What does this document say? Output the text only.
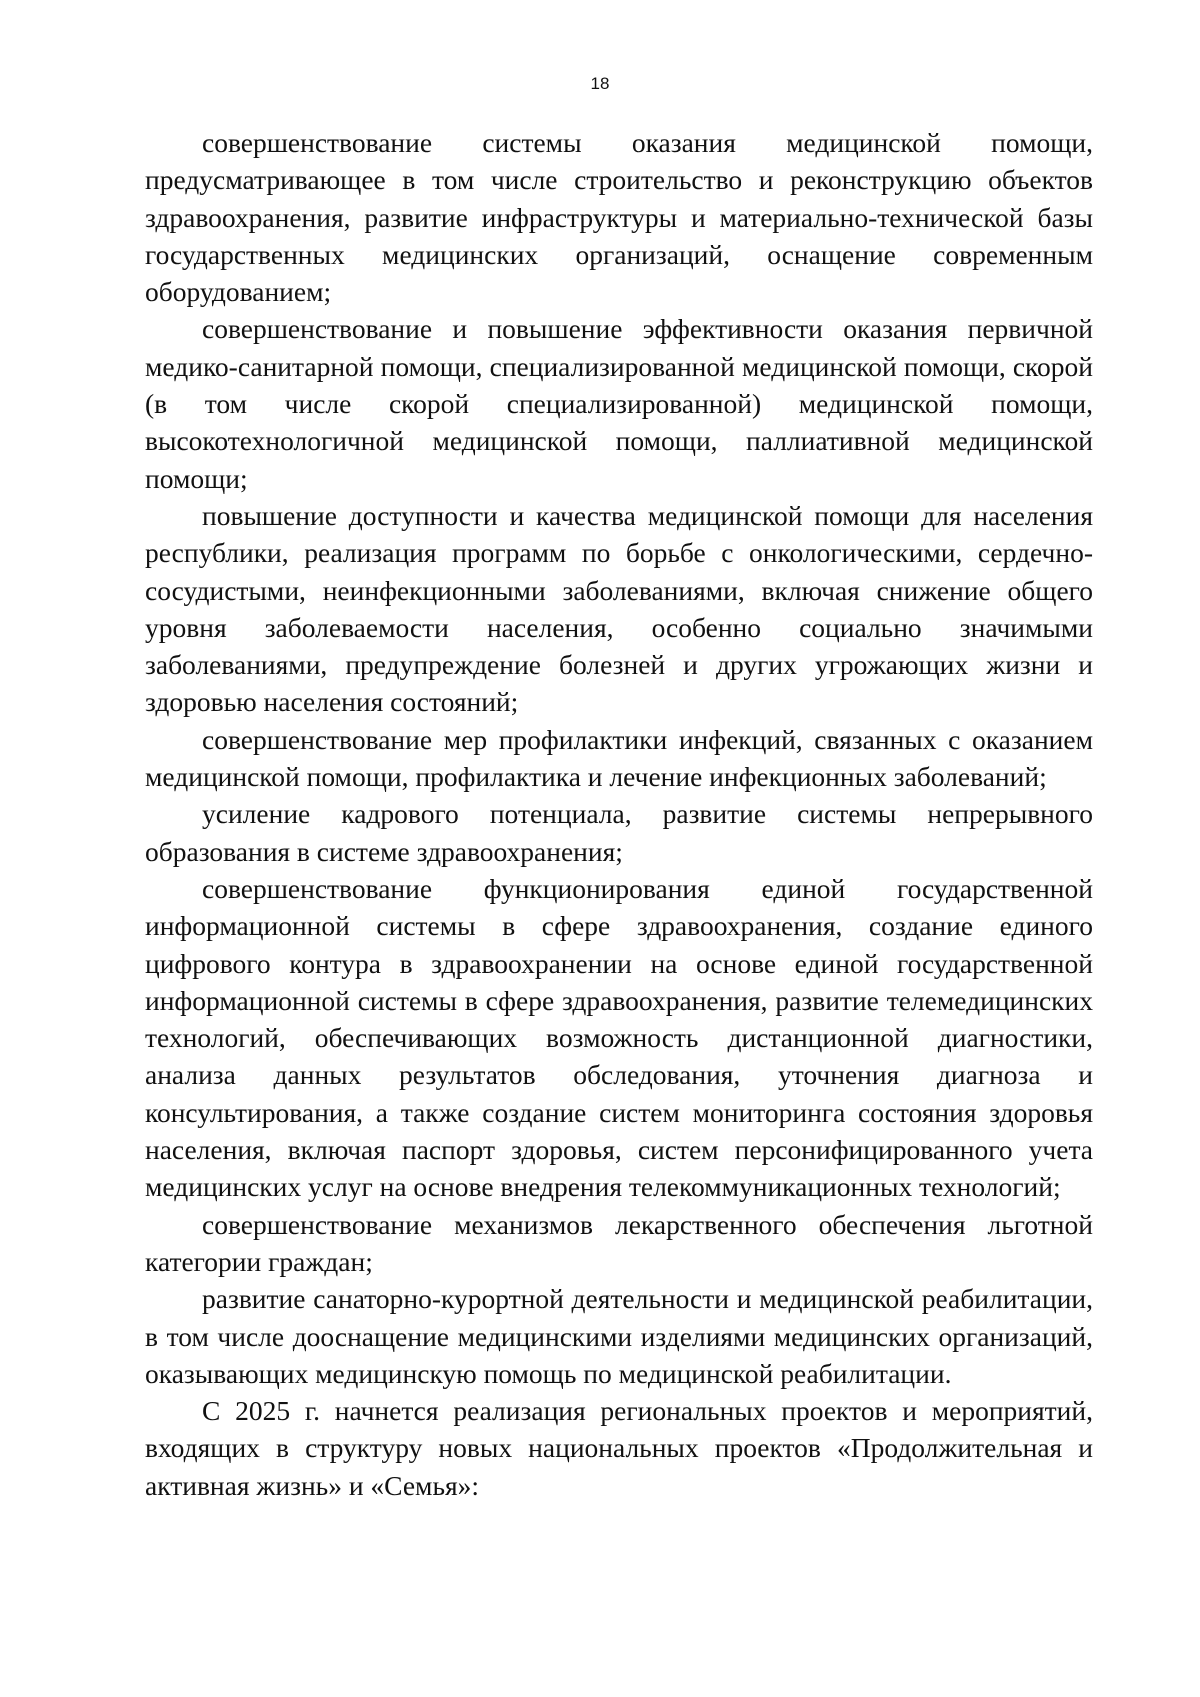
18

совершенствование системы оказания медицинской помощи, предусматривающее в том числе строительство и реконструкцию объектов здравоохранения, развитие инфраструктуры и материально-технической базы государственных медицинских организаций, оснащение современным оборудованием;

совершенствование и повышение эффективности оказания первичной медико-санитарной помощи, специализированной медицинской помощи, скорой (в том числе скорой специализированной) медицинской помощи, высокотехнологичной медицинской помощи, паллиативной медицинской помощи;

повышение доступности и качества медицинской помощи для населения республики, реализация программ по борьбе с онкологическими, сердечно-сосудистыми, неинфекционными заболеваниями, включая снижение общего уровня заболеваемости населения, особенно социально значимыми заболеваниями, предупреждение болезней и других угрожающих жизни и здоровью населения состояний;

совершенствование мер профилактики инфекций, связанных с оказанием медицинской помощи, профилактика и лечение инфекционных заболеваний;

усиление кадрового потенциала, развитие системы непрерывного образования в системе здравоохранения;

совершенствование функционирования единой государственной информационной системы в сфере здравоохранения, создание единого цифрового контура в здравоохранении на основе единой государственной информационной системы в сфере здравоохранения, развитие телемедицинских технологий, обеспечивающих возможность дистанционной диагностики, анализа данных результатов обследования, уточнения диагноза и консультирования, а также создание систем мониторинга состояния здоровья населения, включая паспорт здоровья, систем персонифицированного учета медицинских услуг на основе внедрения телекоммуникационных технологий;

совершенствование механизмов лекарственного обеспечения льготной категории граждан;

развитие санаторно-курортной деятельности и медицинской реабилитации, в том числе дооснащение медицинскими изделиями медицинских организаций, оказывающих медицинскую помощь по медицинской реабилитации.

С 2025 г. начнется реализация региональных проектов и мероприятий, входящих в структуру новых национальных проектов «Продолжительная и активная жизнь» и «Семья»:
